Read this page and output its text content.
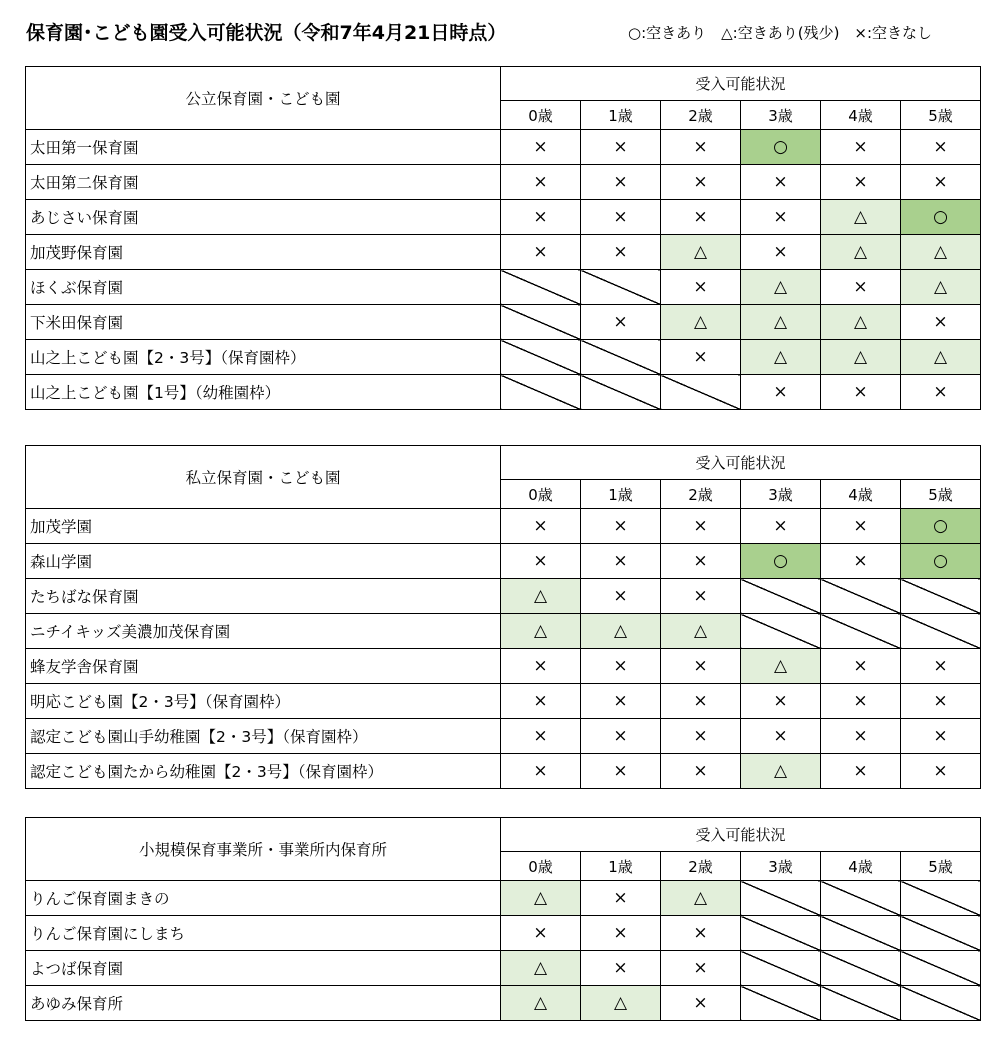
保育園･こども園受入可能状況（令和7年4月21日時点）	○:空きあり　△:空きあり(残少)　×:空きなし
公立保育園・こども園	受入可能状況					
	0歳	1歳	2歳	3歳	4歳	5歳
太田第一保育園	×	×	×	○	×	×
太田第二保育園	×	×	×	×	×	×
あじさい保育園	×	×	×	×	△	○
加茂野保育園	×	×	△	×	△	△
ほくぶ保育園			×	△	×	△
下米田保育園		×	△	△	△	×
山之上こども園【2・3号】（保育園枠）			×	△	△	△
山之上こども園【1号】（幼稚園枠）				×	×	×
私立保育園・こども園	受入可能状況					
	0歳	1歳	2歳	3歳	4歳	5歳
加茂学園	×	×	×	×	×	○
森山学園	×	×	×	○	×	○
たちばな保育園	△	×	×			
ニチイキッズ美濃加茂保育園	△	△	△			
蜂友学舎保育園	×	×	×	△	×	×
明応こども園【2・3号】（保育園枠）	×	×	×	×	×	×
認定こども園山手幼稚園【2・3号】（保育園枠）	×	×	×	×	×	×
認定こども園たから幼稚園【2・3号】（保育園枠）	×	×	×	△	×	×
小規模保育事業所・事業所内保育所	受入可能状況					
	0歳	1歳	2歳	3歳	4歳	5歳
りんご保育園まきの	△	×	△			
りんご保育園にしまち	×	×	×			
よつば保育園	△	×	×			
あゆみ保育所	△	△	×			
